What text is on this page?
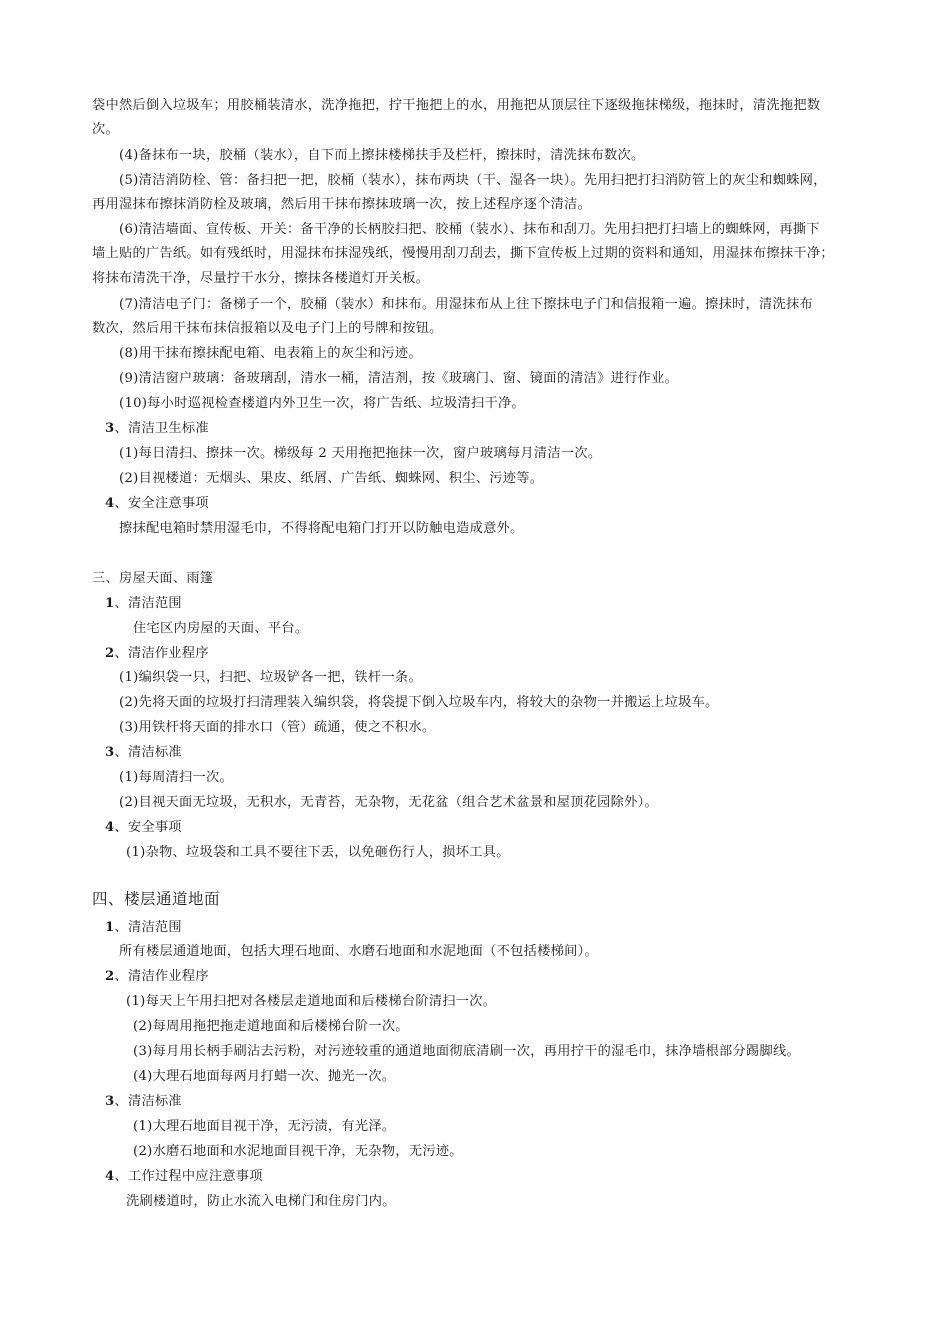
袋中然后倒入垃圾车；用胶桶装清水，洗净拖把，拧干拖把上的水，用拖把从顶层往下逐级拖抹梯级，拖抹时，清洗拖把数
次。
(4)备抹布一块，胶桶（装水），自下而上擦抹楼梯扶手及栏杆，擦抹时，清洗抹布数次。
(5)清洁消防栓、管：备扫把一把，胶桶（装水），抹布两块（干、湿各一块）。先用扫把打扫消防管上的灰尘和蜘蛛网，
再用湿抹布擦抹消防栓及玻璃，然后用干抹布擦抹玻璃一次，按上述程序逐个清洁。
(6)清洁墙面、宣传板、开关：备干净的长柄胶扫把、胶桶（装水）、抹布和刮刀。先用扫把打扫墙上的蜘蛛网，再撕下
墙上贴的广告纸。如有残纸时，用湿抹布抹湿残纸，慢慢用刮刀刮去，撕下宣传板上过期的资料和通知，用湿抹布擦抹干净；
将抹布清洗干净，尽量拧干水分，擦抹各楼道灯开关板。
(7)清洁电子门：备梯子一个，胶桶（装水）和抹布。用湿抹布从上往下擦抹电子门和信报箱一遍。擦抹时，清洗抹布
数次，然后用干抹布抹信报箱以及电子门上的号牌和按钮。
(8)用干抹布擦抹配电箱、电表箱上的灰尘和污迹。
(9)清洁窗户玻璃：备玻璃刮，清水一桶，清洁剂，按《玻璃门、窗、镜面的清洁》进行作业。
(10)每小时巡视检查楼道内外卫生一次，将广告纸、垃圾清扫干净。
3、清洁卫生标准
(1)每日清扫、擦抹一次。梯级每 2 天用拖把拖抹一次，窗户玻璃每月清洁一次。
(2)目视楼道：无烟头、果皮、纸屑、广告纸、蜘蛛网、积尘、污迹等。
4、安全注意事项
擦抹配电箱时禁用湿毛巾，不得将配电箱门打开以防触电造成意外。
三、房屋天面、雨篷
1、清洁范围
住宅区内房屋的天面、平台。
2、清洁作业程序
(1)编织袋一只，扫把、垃圾铲各一把，铁杆一条。
(2)先将天面的垃圾打扫清理装入编织袋，将袋提下倒入垃圾车内，将较大的杂物一并搬运上垃圾车。
(3)用铁杆将天面的排水口（管）疏通，使之不积水。
3、清洁标准
(1)每周清扫一次。
(2)目视天面无垃圾，无积水，无青苔，无杂物，无花盆（组合艺术盆景和屋顶花园除外）。
4、安全事项
(1)杂物、垃圾袋和工具不要往下丢，以免砸伤行人，损坏工具。
四、楼层通道地面
1、清洁范围
所有楼层通道地面，包括大理石地面、水磨石地面和水泥地面（不包括楼梯间）。
2、清洁作业程序
(1)每天上午用扫把对各楼层走道地面和后楼梯台阶清扫一次。
(2)每周用拖把拖走道地面和后楼梯台阶一次。
(3)每月用长柄手刷沾去污粉，对污迹较重的通道地面彻底清刷一次，再用拧干的湿毛巾，抹净墙根部分踢脚线。
(4)大理石地面每两月打蜡一次、抛光一次。
3、清洁标准
(1)大理石地面目视干净，无污渍，有光泽。
(2)水磨石地面和水泥地面目视干净，无杂物，无污迹。
4、工作过程中应注意事项
洗刷楼道时，防止水流入电梯门和住房门内。
